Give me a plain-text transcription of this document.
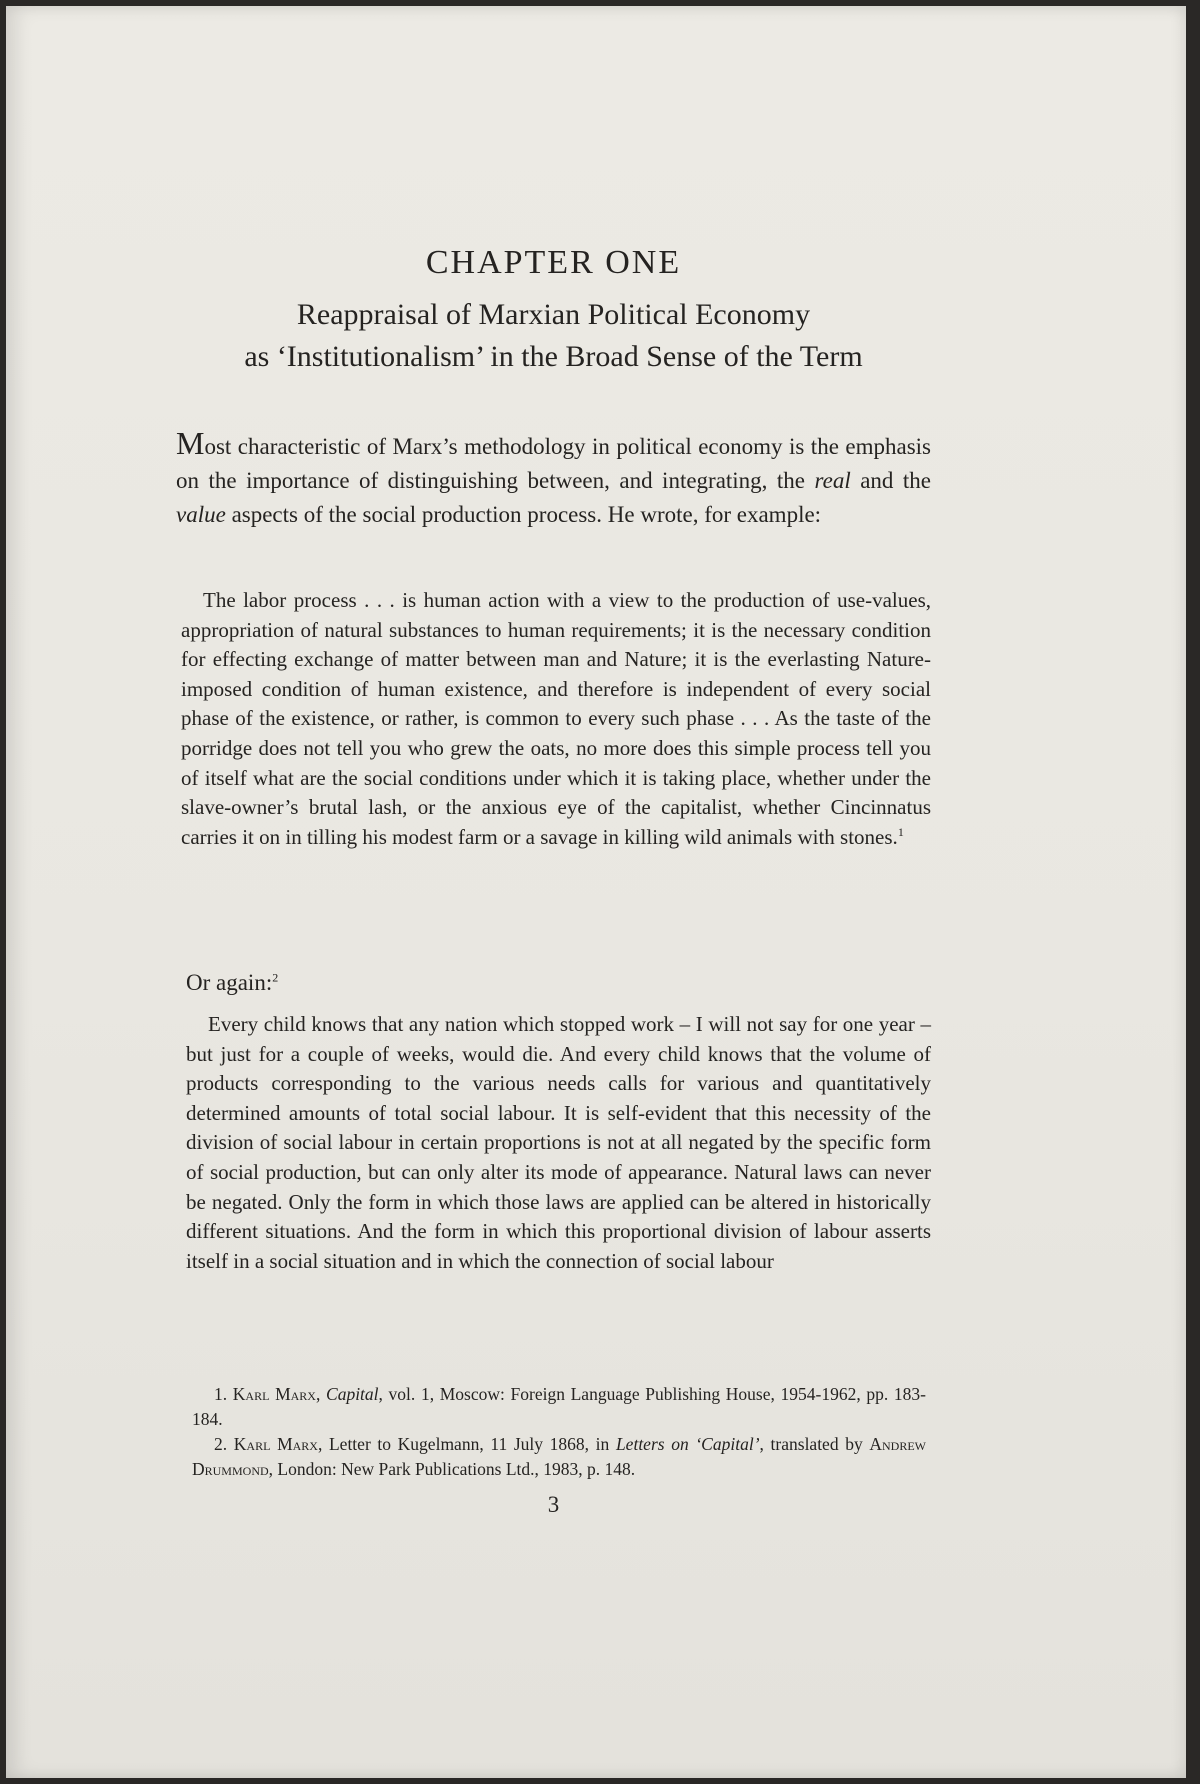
CHAPTER ONE
Reappraisal of Marxian Political Economy
as ‘Institutionalism’ in the Broad Sense of the Term
Most characteristic of Marx’s methodology in political economy is the emphasis on the importance of distinguishing between, and integrating, the real and the value aspects of the social production process. He wrote, for example:

The labor process . . . is human action with a view to the production of use-values, appropriation of natural substances to human requirements; it is the necessary condition for effecting exchange of matter between man and Nature; it is the everlasting Nature-imposed condition of human existence, and therefore is independent of every social phase of the existence, or rather, is common to every such phase . . . As the taste of the porridge does not tell you who grew the oats, no more does this simple process tell you of itself what are the social conditions under which it is taking place, whether under the slave-owner’s brutal lash, or the anxious eye of the capitalist, whether Cincinnatus carries it on in tilling his modest farm or a savage in killing wild animals with stones.$^1$

Or again:$^2$

Every child knows that any nation which stopped work – I will not say for one year – but just for a couple of weeks, would die. And every child knows that the volume of products corresponding to the various needs calls for various and quantitatively determined amounts of total social labour. It is self-evident that this necessity of the division of social labour in certain proportions is not at all negated by the specific form of social production, but can only alter its mode of appearance. Natural laws can never be negated. Only the form in which those laws are applied can be altered in historically different situations. And the form in which this proportional division of labour asserts itself in a social situation and in which the connection of social labour

1. Karl Marx, Capital, vol. 1, Moscow: Foreign Language Publishing House, 1954-1962, pp. 183-184.

2. Karl Marx, Letter to Kugelmann, 11 July 1868, in Letters on ‘Capital’, translated by Andrew Drummond, London: New Park Publications Ltd., 1983, p. 148.

3
